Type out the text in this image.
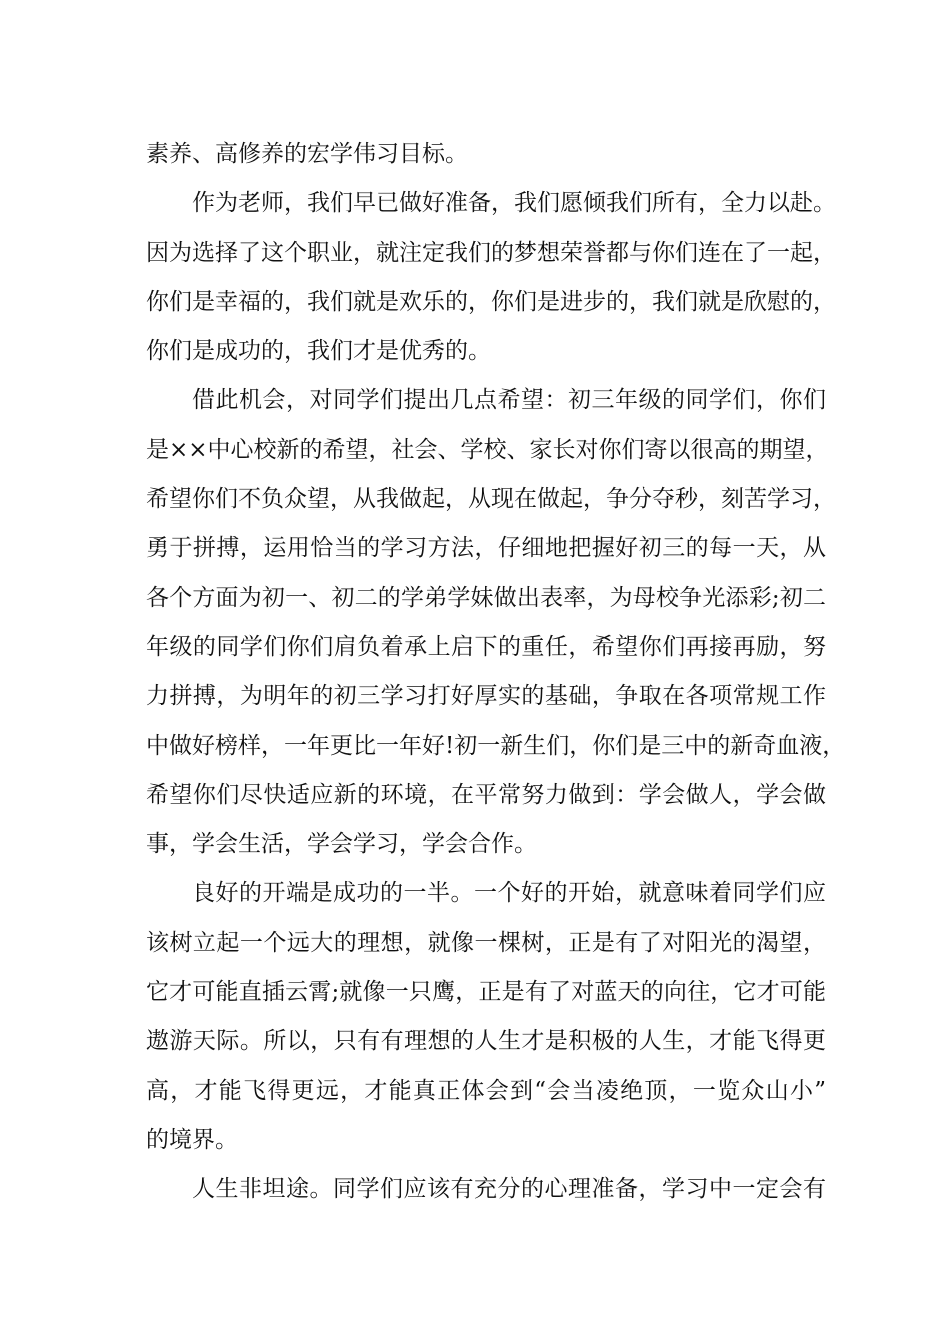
素养、高修养的宏学伟习目标。
作为老师，我们早已做好准备，我们愿倾我们所有，全力以赴。
因为选择了这个职业，就注定我们的梦想荣誉都与你们连在了一起，
你们是幸福的，我们就是欢乐的，你们是进步的，我们就是欣慰的，
你们是成功的，我们才是优秀的。
借此机会，对同学们提出几点希望：初三年级的同学们，你们
是××中心校新的希望，社会、学校、家长对你们寄以很高的期望，
希望你们不负众望，从我做起，从现在做起，争分夺秒，刻苦学习，
勇于拼搏，运用恰当的学习方法，仔细地把握好初三的每一天，从
各个方面为初一、初二的学弟学妹做出表率，为母校争光添彩;初二
年级的同学们你们肩负着承上启下的重任，希望你们再接再励，努
力拼搏，为明年的初三学习打好厚实的基础，争取在各项常规工作
中做好榜样，一年更比一年好!初一新生们，你们是三中的新奇血液，
希望你们尽快适应新的环境，在平常努力做到：学会做人，学会做
事，学会生活，学会学习，学会合作。
良好的开端是成功的一半。一个好的开始，就意味着同学们应
该树立起一个远大的理想，就像一棵树，正是有了对阳光的渴望，
它才可能直插云霄;就像一只鹰，正是有了对蓝天的向往，它才可能
遨游天际。所以，只有有理想的人生才是积极的人生，才能飞得更
高，才能飞得更远，才能真正体会到“会当凌绝顶，一览众山小”
的境界。
人生非坦途。同学们应该有充分的心理准备，学习中一定会有
